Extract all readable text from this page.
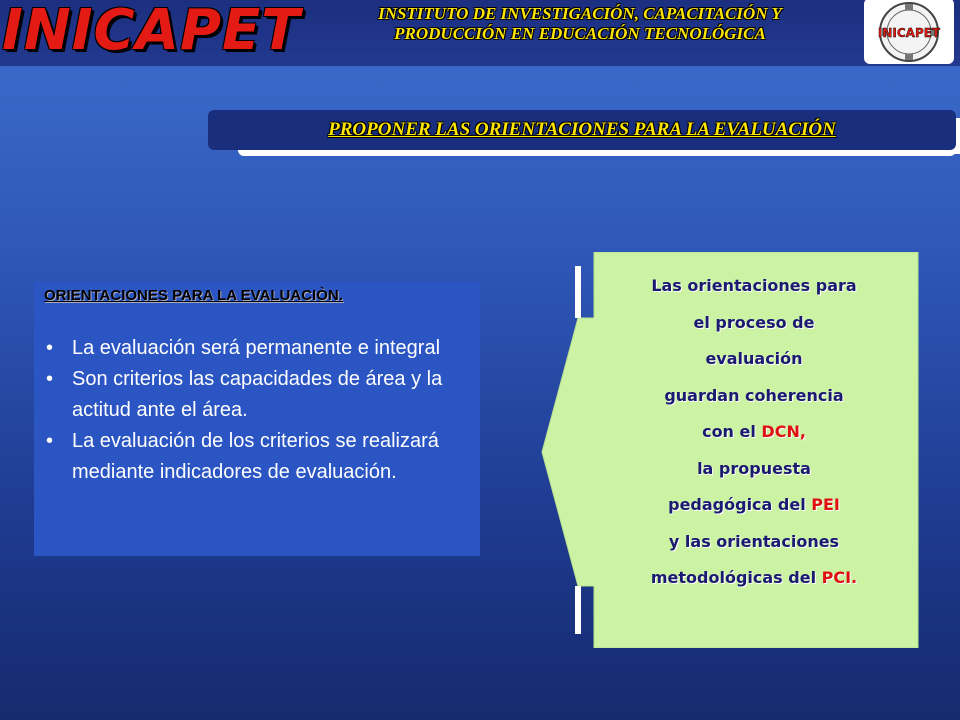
INICAPET	INSTITUTO DE INVESTIGACIÓN, CAPACITACIÓN Y
PRODUCCIÓN EN EDUCACIÓN TECNOLÓGICA	INICAPET
PROPONER LAS ORIENTACIONES PARA LA EVALUACIÓN
ORIENTACIONES PARA LA EVALUACIÒN.
• La evaluación será permanente e integral
• Son criterios las capacidades de área y la actitud ante el área.
• La evaluación de los criterios se realizará mediante indicadores de evaluación.
Las orientaciones para
el proceso de
evaluación
guardan coherencia
con el DCN,
la propuesta
pedagógica del PEI
y las orientaciones
metodológicas del PCI.
